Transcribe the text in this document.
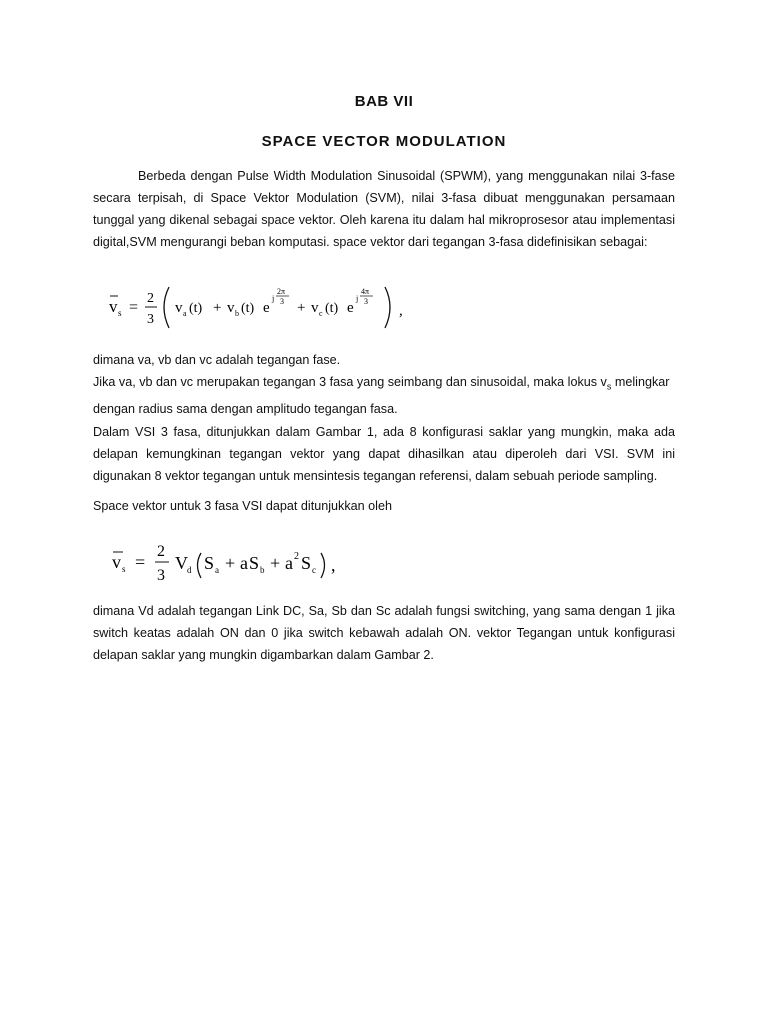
BAB VII
SPACE VECTOR MODULATION
Berbeda dengan Pulse Width Modulation Sinusoidal (SPWM), yang menggunakan nilai 3-fase secara terpisah, di Space Vektor Modulation (SVM), nilai 3-fasa dibuat menggunakan persamaan tunggal yang dikenal sebagai space vektor. Oleh karena itu dalam hal mikroprosesor atau implementasi digital,SVM mengurangi beban komputasi. space vektor dari tegangan 3-fasa didefinisikan sebagai:
v s =
2
3
v a (t) + v b (t) e
j
2π
3 + v c (t) e
j
4π
3
,
dimana va, vb dan vc adalah tegangan fase.
Jika va, vb dan vc merupakan tegangan 3 fasa yang seimbang dan sinusoidal, maka lokus $v_s$ melingkar dengan radius sama dengan amplitudo tegangan fasa.
Dalam VSI 3 fasa, ditunjukkan dalam Gambar 1, ada 8 konfigurasi saklar yang mungkin, maka ada delapan kemungkinan tegangan vektor yang dapat dihasilkan atau diperoleh dari VSI. SVM ini digunakan 8 vektor tegangan untuk mensintesis tegangan referensi, dalam sebuah periode sampling.
Space vektor untuk 3 fasa VSI dapat ditunjukkan oleh
v s =
2
3
V d S a + a S b + a 2 S c ,
dimana Vd adalah tegangan Link DC, Sa, Sb dan Sc adalah fungsi switching, yang sama dengan 1 jika switch keatas adalah ON dan 0 jika switch kebawah adalah ON. vektor Tegangan untuk konfigurasi delapan saklar yang mungkin digambarkan dalam Gambar 2.
